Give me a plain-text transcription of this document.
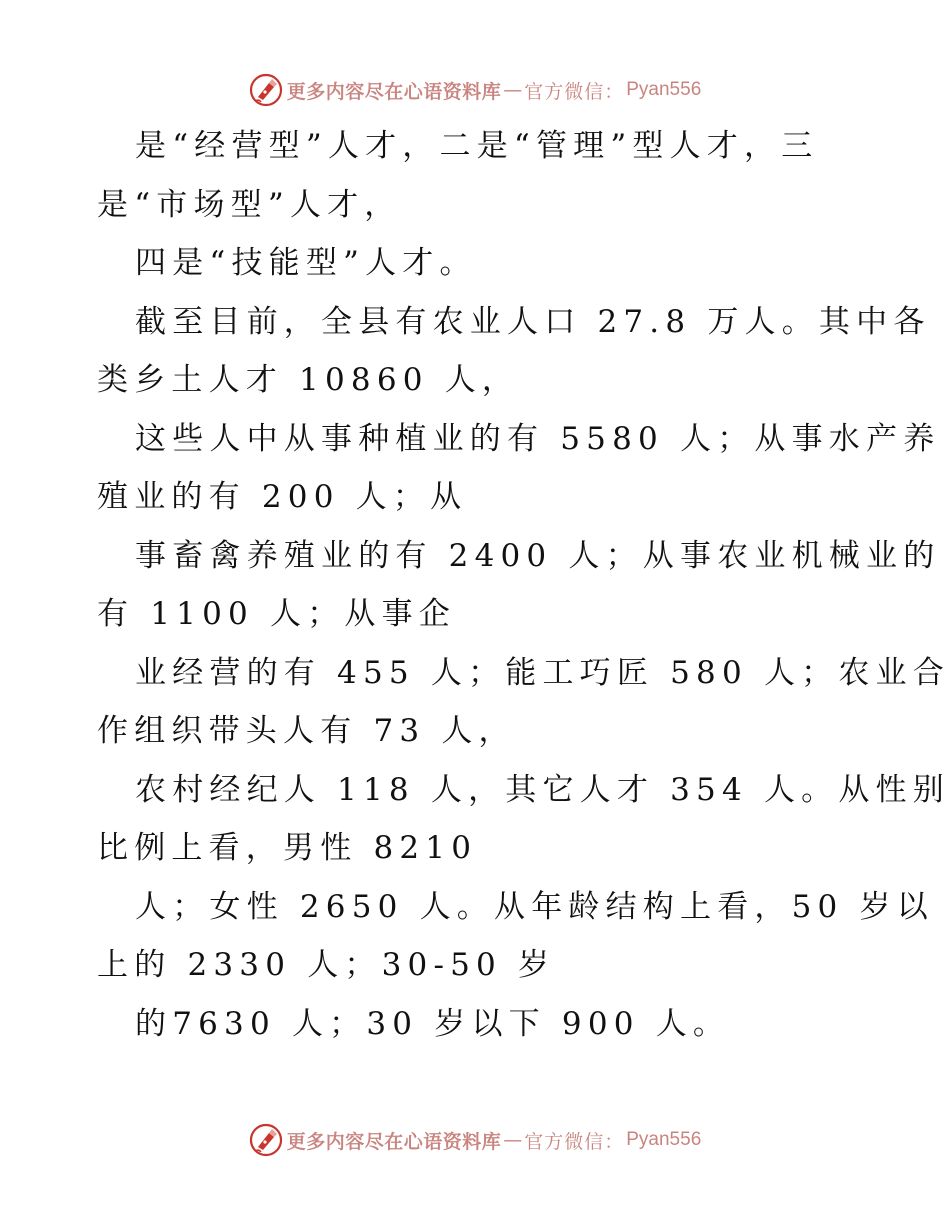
更多内容尽在心语资料库 — 官方微信： Pyan556
是“经营型”人才，二是“管理”型人才，三
是“市场型”人才，
四是“技能型”人才。
截至目前，全县有农业人口 27.8 万人。其中各
类乡土人才 10860 人，
这些人中从事种植业的有 5580 人；从事水产养
殖业的有 200 人；从
事畜禽养殖业的有 2400 人；从事农业机械业的
有 1100 人；从事企
业经营的有 455 人；能工巧匠 580 人；农业合
作组织带头人有 73 人，
农村经纪人 118 人，其它人才 354 人。从性别
比例上看，男性 8210
人；女性 2650 人。从年龄结构上看，50 岁以
上的 2330 人；30-50 岁
的7630 人；30 岁以下 900 人。
更多内容尽在心语资料库 — 官方微信： Pyan556
